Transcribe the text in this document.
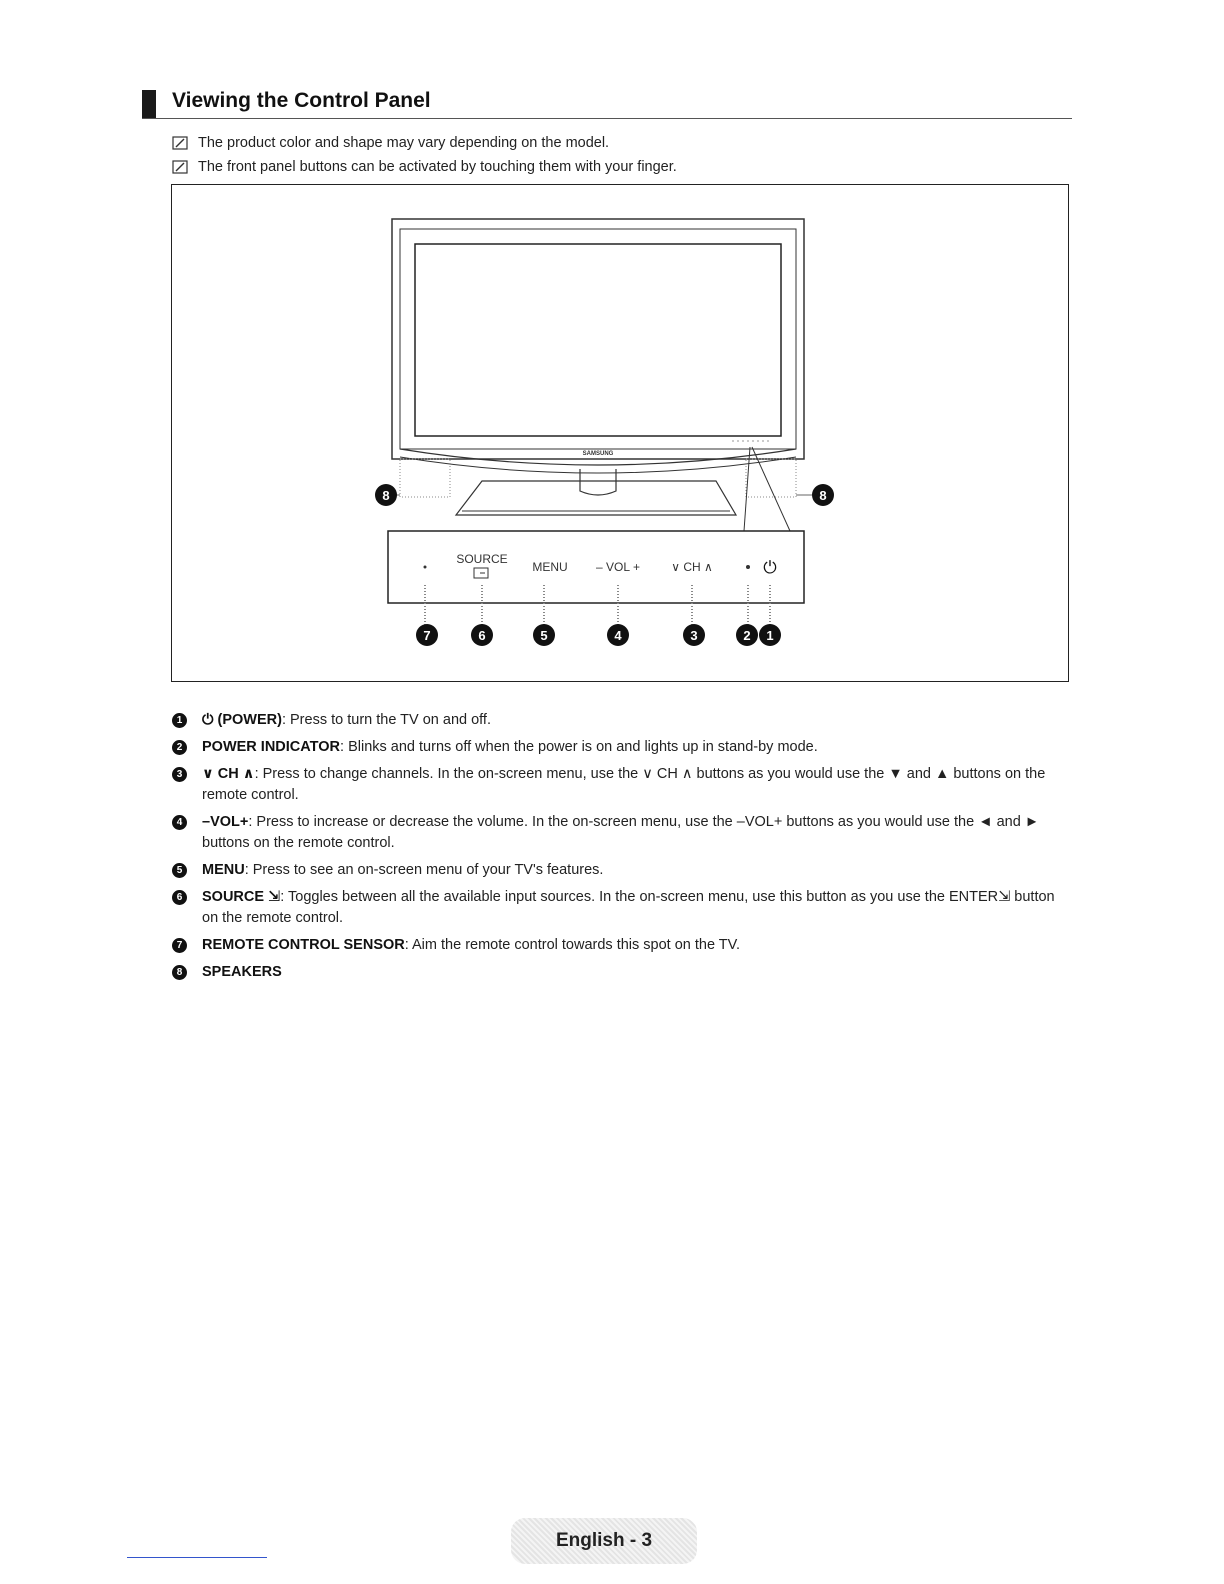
Viewing the Control Panel
The product color and shape may vary depending on the model.
The front panel buttons can be activated by touching them with your finger.
SAMSUNG
SOURCE
MENU – VOL +	∨ CH ∧	⏻
7	6	5	4	3	2 1
8	8
1	⏻ (POWER): Press to turn the TV on and off.
2	POWER INDICATOR: Blinks and turns off when the power is on and lights up in stand-by mode.
3	∨ CH ∧: Press to change channels. In the on-screen menu, use the ∨ CH ∧ buttons as you would use the ▼ and ▲ buttons on the remote control.
4	–VOL+: Press to increase or decrease the volume. In the on-screen menu, use the –VOL+ buttons as you would use the ◄ and ► buttons on the remote control.
5	MENU: Press to see an on-screen menu of your TV's features.
6	SOURCE ⇲: Toggles between all the available input sources. In the on-screen menu, use this button as you use the ENTER⇲ button on the remote control.
7	REMOTE CONTROL SENSOR: Aim the remote control towards this spot on the TV.
8	SPEAKERS
English - 3
